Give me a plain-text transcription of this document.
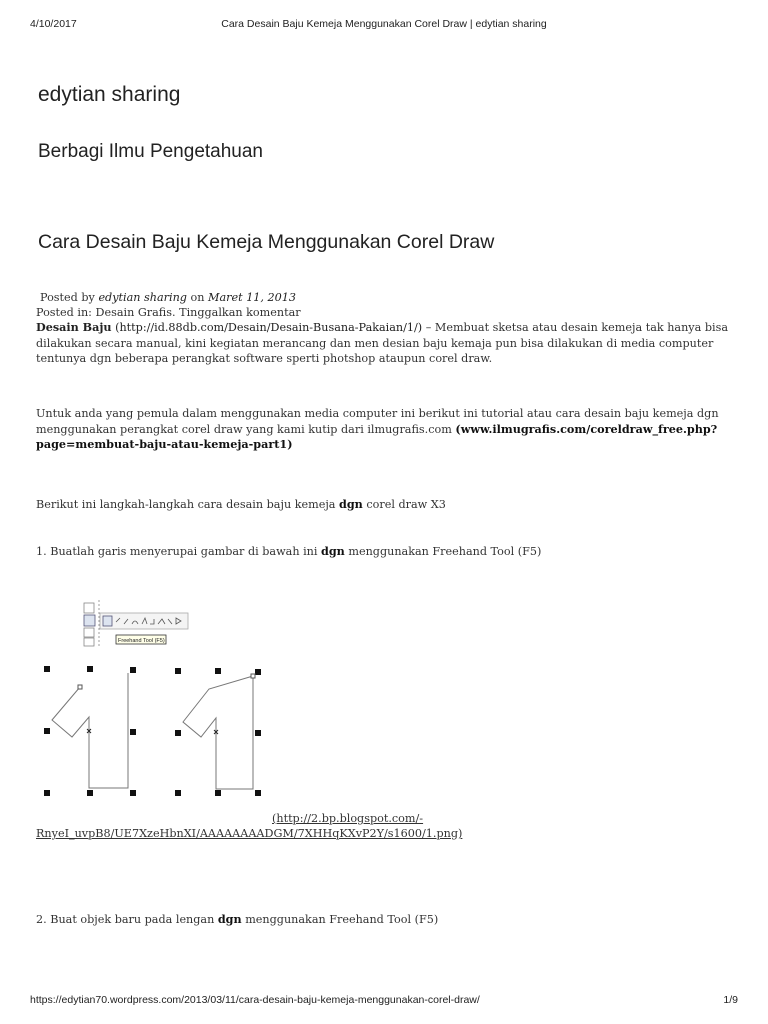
4/10/2017	Cara Desain Baju Kemeja Menggunakan Corel Draw | edytian sharing
edytian sharing
Berbagi Ilmu Pengetahuan
Cara Desain Baju Kemeja Menggunakan Corel Draw
Posted by edytian sharing on Maret 11, 2013
Posted in: Desain Grafis. Tinggalkan komentar

Desain Baju (http://id.88db.com/Desain/Desain-Busana-Pakaian/1/) – Membuat sketsa atau desain kemeja tak hanya bisa dilakukan secara manual, kini kegiatan merancang dan men desian baju kemaja pun bisa dilakukan di media computer tentunya dgn beberapa perangkat software sperti photshop ataupun corel draw.

Untuk anda yang pemula dalam menggunakan media computer ini berikut ini tutorial atau cara desain baju kemeja dgn menggunakan perangkat corel draw yang kami kutip dari ilmugrafis.com (www.ilmugrafis.com/coreldraw_free.php?page=membuat-baju-atau-kemeja-part1)

Berikut ini langkah-langkah cara desain baju kemeja dgn corel draw X3
1. Buatlah garis menyerupai gambar di bawah ini dgn menggunakan Freehand Tool (F5)
Freehand Tool (F5)
(http://2.bp.blogspot.com/-
RnyeI_uvpB8/UE7XzeHbnXI/AAAAAAAADGM/7XHHqKXvP2Y/s1600/1.png)
2. Buat objek baru pada lengan dgn menggunakan Freehand Tool (F5)
https://edytian70.wordpress.com/2013/03/11/cara-desain-baju-kemeja-menggunakan-corel-draw/	1/9
